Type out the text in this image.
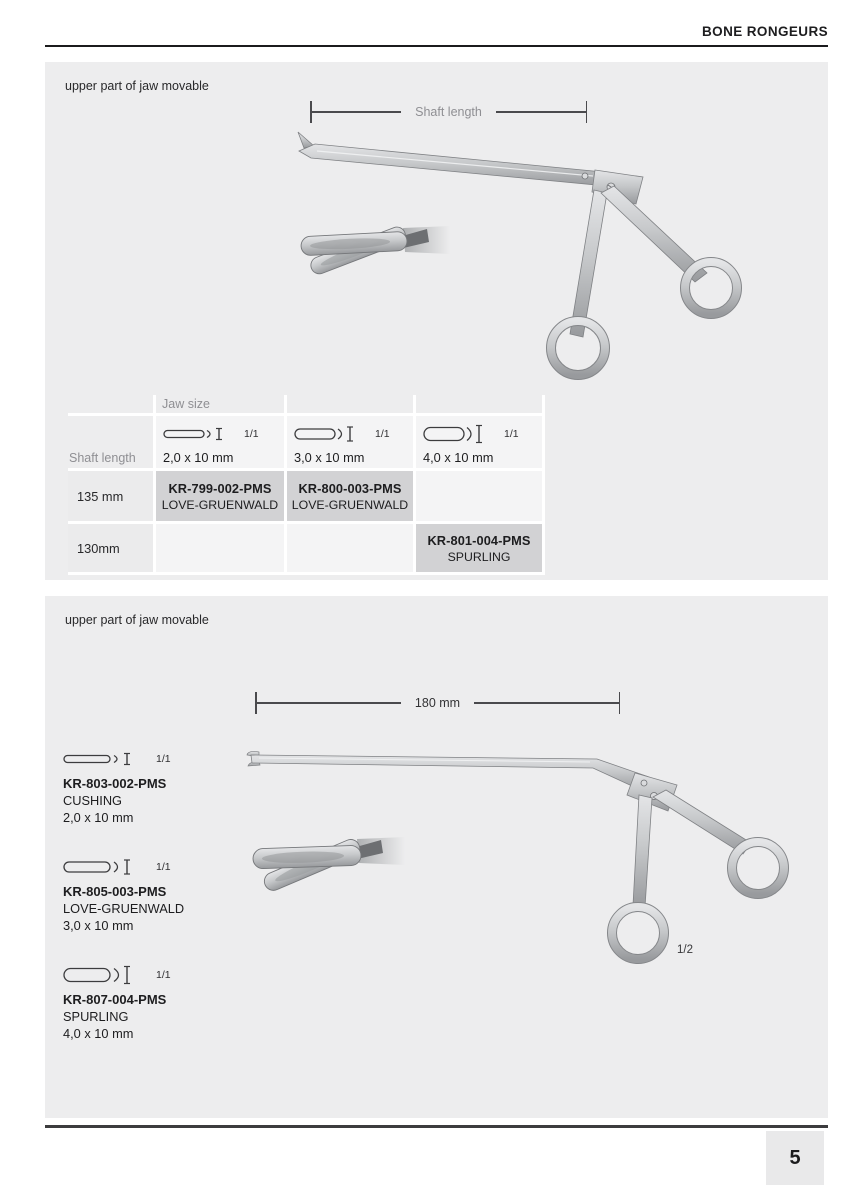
BONE RONGEURS
upper part of jaw movable
Shaft length
Jaw size
Shaft length
1/1
2,0 x 10 mm
1/1
3,0 x 10 mm
1/1
4,0 x 10 mm
135 mm
KR-799-002-PMS
LOVE-GRUENWALD
KR-800-003-PMS
LOVE-GRUENWALD
130mm
KR-801-004-PMS
SPURLING
upper part of jaw movable
180 mm
1/1
KR-803-002-PMS
CUSHING
2,0 x 10 mm
1/1
KR-805-003-PMS
LOVE-GRUENWALD
3,0 x 10 mm
1/1
KR-807-004-PMS
SPURLING
4,0 x 10 mm
1/2
5
